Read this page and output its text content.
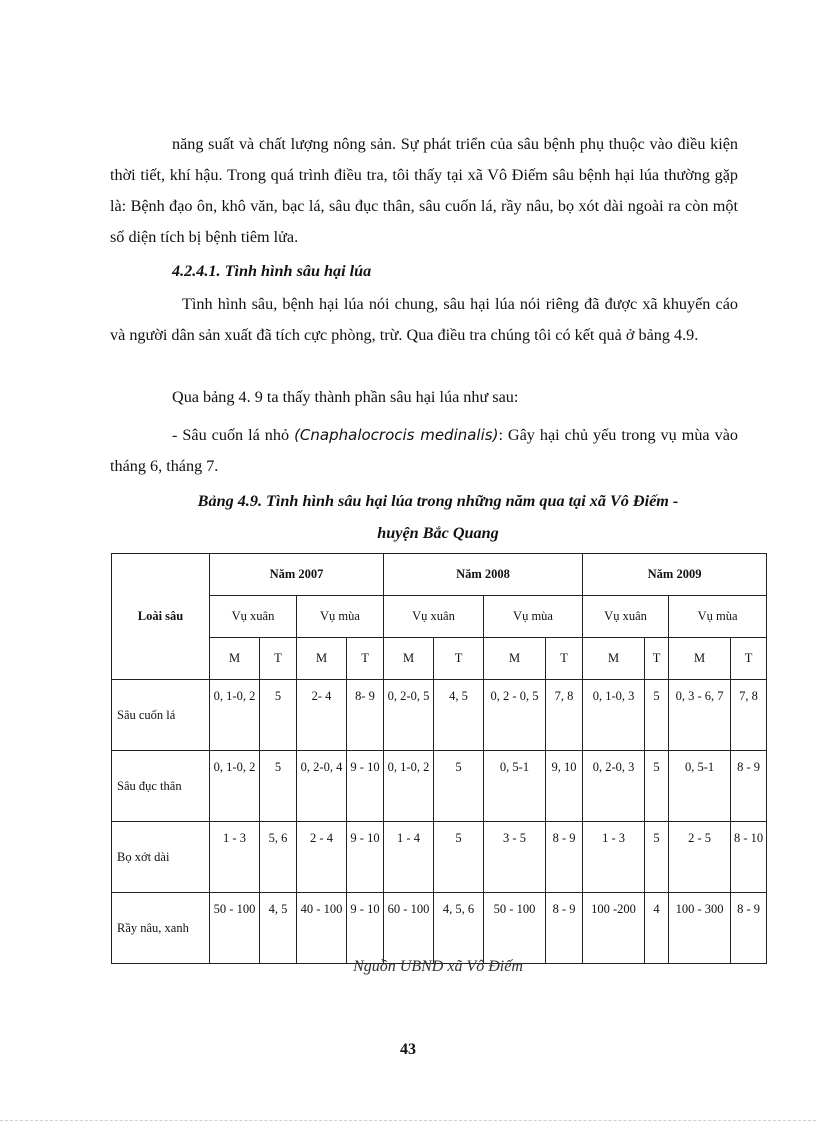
năng suất và chất lượng nông sản. Sự phát triển của sâu bệnh phụ thuộc vào điều kiện thời tiết, khí hậu. Trong quá trình điều tra, tôi thấy tại xã Vô Điếm sâu bệnh hại lúa thường gặp là: Bệnh đạo ôn, khô văn, bạc lá, sâu đục thân, sâu cuốn lá, rầy nâu, bọ xót dài ngoài ra còn một số diện tích bị bệnh tiêm lửa.

4.2.4.1. Tình hình sâu hại lúa

Tình hình sâu, bệnh hại lúa nói chung, sâu hại lúa nói riêng đã được xã khuyến cáo và người dân sản xuất đã tích cực phòng, trừ. Qua điều tra chúng tôi có kết quả ở bảng 4.9.

Qua bảng 4. 9 ta thấy thành phần sâu hại lúa như sau:

- Sâu cuốn lá nhỏ (Cnaphalocrocis medinalis): Gây hại chủ yếu trong vụ mùa vào tháng 6, tháng 7.

Bảng 4.9. Tình hình sâu hại lúa trong những năm qua tại xã Vô Điếm -

huyện Bắc Quang

Loài sâu	Năm 2007				Năm 2008				Năm 2009			
	Vụ xuân		Vụ mùa		Vụ xuân		Vụ mùa		Vụ xuân		Vụ mùa	
	M	T	M	T	M	T	M	T	M	T	M	T
Sâu cuốn lá	0, 1-0, 2	5	2- 4	8- 9	0, 2-0, 5	4, 5	0, 2 - 0, 5	7, 8	0, 1-0, 3	5	0, 3 - 6, 7	7, 8
Sâu đục thân	0, 1-0, 2	5	0, 2-0, 4	9 - 10	0, 1-0, 2	5	0, 5-1	9, 10	0, 2-0, 3	5	0, 5-1	8 - 9
Bọ xớt dài	1 - 3	5, 6	2 - 4	9 - 10	1 - 4	5	3 - 5	8 - 9	1 - 3	5	2 - 5	8 - 10
Rầy nâu, xanh	50 - 100	4, 5	40 - 100	9 - 10	60 - 100	4, 5, 6	50 - 100	8 - 9	100 -200	4	100 - 300	8 - 9

Nguồn UBND xã Vô Điếm

43
